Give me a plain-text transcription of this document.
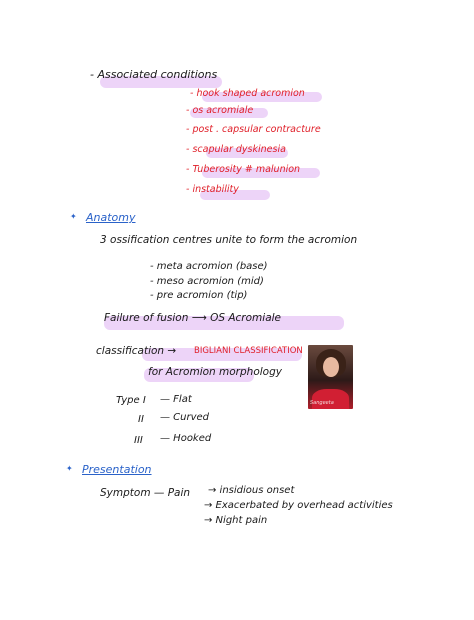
- Associated conditions
- hook shaped acromion
- os acromiale
- post . capsular contracture
- scapular dyskinesia
- Tuberosity # malunion
- instability
✦ Anatomy
3 ossification centres unite to form the acromion
- meta acromion (base)
- meso acromion (mid)
- pre acromion (tip)
Failure of fusion ⟶ OS Acromiale
classification → BIGLIANI CLASSIFICATION
for Acromion morphology
Type I — Flat
II — Curved
III — Hooked
Sangeeta
✦ Presentation
Symptom — Pain → insidious onset
→ Exacerbated by overhead activities
→ Night pain
